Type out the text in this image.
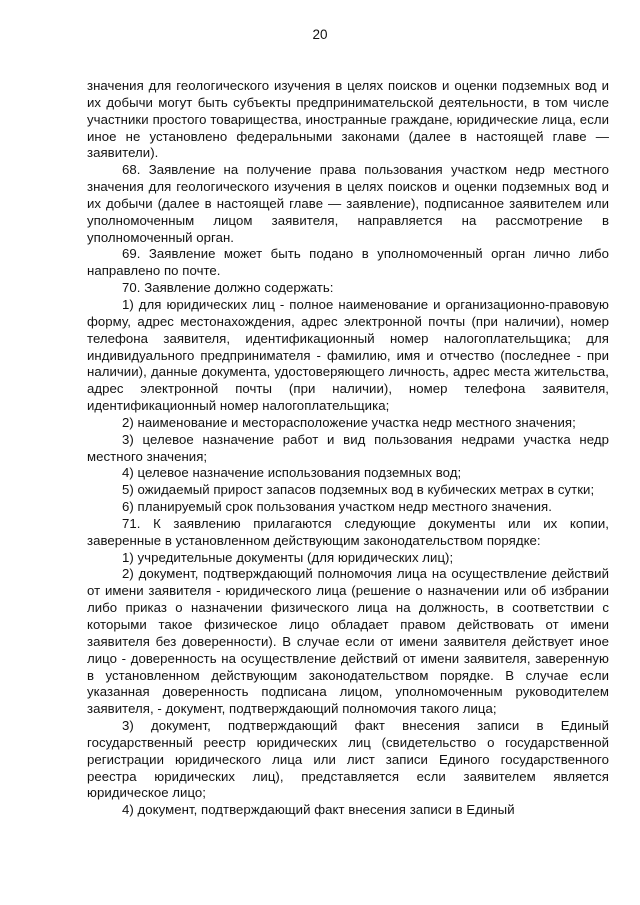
20

значения для геологического изучения в целях поисков и оценки подземных вод и их добычи могут быть субъекты предпринимательской деятельности, в том числе участники простого товарищества, иностранные граждане, юридические лица, если иное не установлено федеральными законами (далее в настоящей главе — заявители).

68. Заявление на получение права пользования участком недр местного значения для геологического изучения в целях поисков и оценки подземных вод и их добычи (далее в настоящей главе — заявление), подписанное заявителем или уполномоченным лицом заявителя, направляется на рассмотрение в уполномоченный орган.

69. Заявление может быть подано в уполномоченный орган лично либо направлено по почте.

70. Заявление должно содержать:

1) для юридических лиц - полное наименование и организационно-правовую форму, адрес местонахождения, адрес электронной почты (при наличии), номер телефона заявителя, идентификационный номер налогоплательщика; для индивидуального предпринимателя - фамилию, имя и отчество (последнее - при наличии), данные документа, удостоверяющего личность, адрес места жительства, адрес электронной почты (при наличии), номер телефона заявителя, идентификационный номер налогоплательщика;

2) наименование и месторасположение участка недр местного значения;

3) целевое назначение работ и вид пользования недрами участка недр местного значения;

4) целевое назначение использования подземных вод;

5) ожидаемый прирост запасов подземных вод в кубических метрах в сутки;

6) планируемый срок пользования участком недр местного значения.

71. К заявлению прилагаются следующие документы или их копии, заверенные в установленном действующим законодательством порядке:

1) учредительные документы (для юридических лиц);

2) документ, подтверждающий полномочия лица на осуществление действий от имени заявителя - юридического лица (решение о назначении или об избрании либо приказ о назначении физического лица на должность, в соответствии с которыми такое физическое лицо обладает правом действовать от имени заявителя без доверенности). В случае если от имени заявителя действует иное лицо - доверенность на осуществление действий от имени заявителя, заверенную в установленном действующим законодательством порядке. В случае если указанная доверенность подписана лицом, уполномоченным руководителем заявителя, - документ, подтверждающий полномочия такого лица;

3) документ, подтверждающий факт внесения записи в Единый государственный реестр юридических лиц (свидетельство о государственной регистрации юридического лица или лист записи Единого государственного реестра юридических лиц), представляется если заявителем является юридическое лицо;

4) документ, подтверждающий факт внесения записи в Единый
